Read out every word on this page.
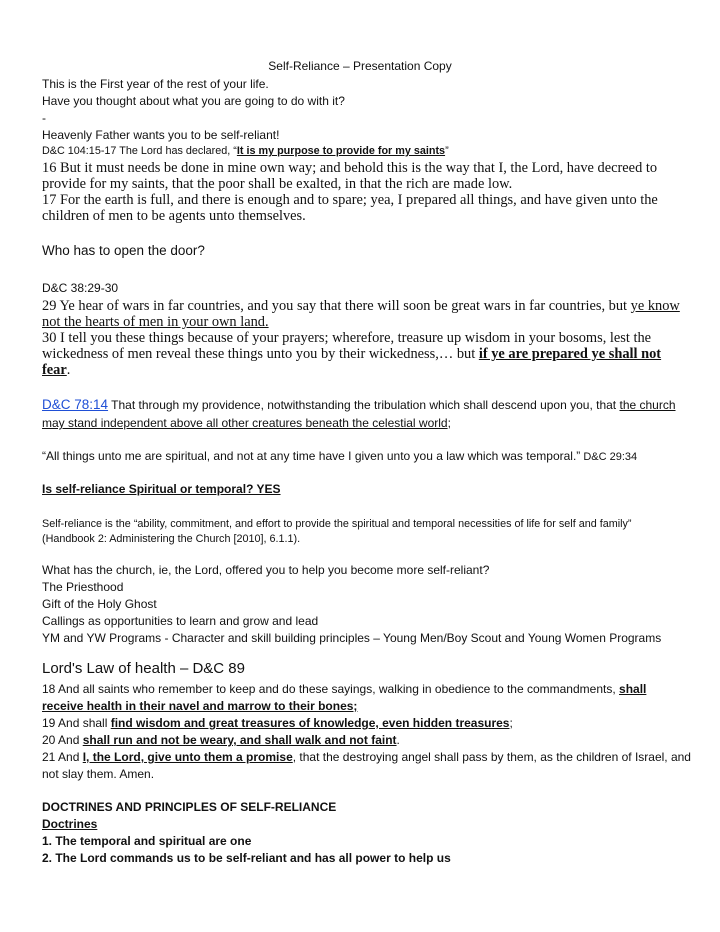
Self-Reliance – Presentation Copy
This is the First year of the rest of your life.
Have you thought about what you are going to do with it?
-
Heavenly Father wants you to be self-reliant!
D&C 104:15-17 The Lord has declared, “It is my purpose to provide for my saints”
16 But it must needs be done in mine own way; and behold this is the way that I, the Lord, have decreed to
provide for my saints, that the poor shall be exalted, in that the rich are made low.
17 For the earth is full, and there is enough and to spare; yea, I prepared all things, and have given unto the
children of men to be agents unto themselves.
Who has to open the door?
D&C 38:29-30
29 Ye hear of wars in far countries, and you say that there will soon be great wars in far countries, but ye know
not the hearts of men in your own land.
30 I tell you these things because of your prayers; wherefore, treasure up wisdom in your bosoms, lest the
wickedness of men reveal these things unto you by their wickedness,… but if ye are prepared ye shall not
fear.
D&C 78:14 That through my providence, notwithstanding the tribulation which shall descend upon you, that the church
may stand independent above all other creatures beneath the celestial world;
“All things unto me are spiritual, and not at any time have I given unto you a law which was temporal.” D&C 29:34
Is self-reliance Spiritual or temporal? YES
Self-reliance is the “ability, commitment, and effort to provide the spiritual and temporal necessities of life for self and family”
(Handbook 2: Administering the Church [2010], 6.1.1).
What has the church, ie, the Lord, offered you to help you become more self-reliant?
The Priesthood
Gift of the Holy Ghost
Callings as opportunities to learn and grow and lead
YM and YW Programs - Character and skill building principles – Young Men/Boy Scout and Young Women Programs
Lord's Law of health – D&C 89
18 And all saints who remember to keep and do these sayings, walking in obedience to the commandments, shall
receive health in their navel and marrow to their bones;
19 And shall find wisdom and great treasures of knowledge, even hidden treasures;
20 And shall run and not be weary, and shall walk and not faint.
21 And I, the Lord, give unto them a promise, that the destroying angel shall pass by them, as the children of Israel, and
not slay them. Amen.
DOCTRINES AND PRINCIPLES OF SELF-RELIANCE
Doctrines
1. The temporal and spiritual are one
2. The Lord commands us to be self-reliant and has all power to help us
